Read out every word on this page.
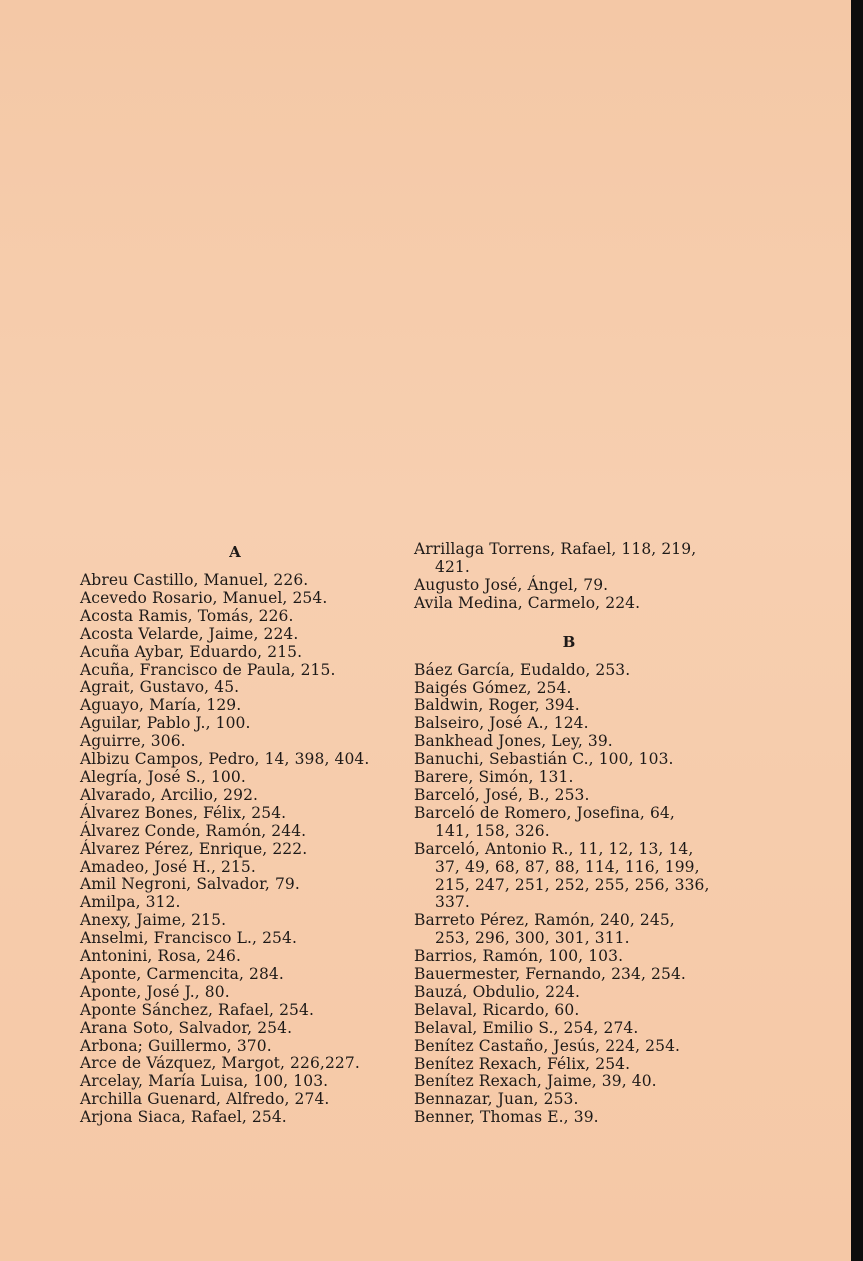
A
Abreu Castillo, Manuel, 226.
Acevedo Rosario, Manuel, 254.
Acosta Ramis, Tomás, 226.
Acosta Velarde, Jaime, 224.
Acuña Aybar, Eduardo, 215.
Acuña, Francisco de Paula, 215.
Agrait, Gustavo, 45.
Aguayo, María, 129.
Aguilar, Pablo J., 100.
Aguirre, 306.
Albizu Campos, Pedro, 14, 398, 404.
Alegría, José S., 100.
Alvarado, Arcilio, 292.
Álvarez Bones, Félix, 254.
Álvarez Conde, Ramón, 244.
Álvarez Pérez, Enrique, 222.
Amadeo, José H., 215.
Amil Negroni, Salvador, 79.
Amilpa, 312.
Anexy, Jaime, 215.
Anselmi, Francisco L., 254.
Antonini, Rosa, 246.
Aponte, Carmencita, 284.
Aponte, José J., 80.
Aponte Sánchez, Rafael, 254.
Arana Soto, Salvador, 254.
Arbona; Guillermo, 370.
Arce de Vázquez, Margot, 226,227.
Arcelay, María Luisa, 100, 103.
Archilla Guenard, Alfredo, 274.
Arjona Siaca, Rafael, 254.
Arrillaga Torrens, Rafael, 118, 219,
421.
Augusto José, Ángel, 79.
Avila Medina, Carmelo, 224.
B
Báez García, Eudaldo, 253.
Baigés Gómez, 254.
Baldwin, Roger, 394.
Balseiro, José A., 124.
Bankhead Jones, Ley, 39.
Banuchi, Sebastián C., 100, 103.
Barere, Simón, 131.
Barceló, José, B., 253.
Barceló de Romero, Josefina, 64,
141, 158, 326.
Barceló, Antonio R., 11, 12, 13, 14,
37, 49, 68, 87, 88, 114, 116, 199,
215, 247, 251, 252, 255, 256, 336,
337.
Barreto Pérez, Ramón, 240, 245,
253, 296, 300, 301, 311.
Barrios, Ramón, 100, 103.
Bauermester, Fernando, 234, 254.
Bauzá, Obdulio, 224.
Belaval, Ricardo, 60.
Belaval, Emilio S., 254, 274.
Benítez Castaño, Jesús, 224, 254.
Benítez Rexach, Félix, 254.
Benítez Rexach, Jaime, 39, 40.
Bennazar, Juan, 253.
Benner, Thomas E., 39.
